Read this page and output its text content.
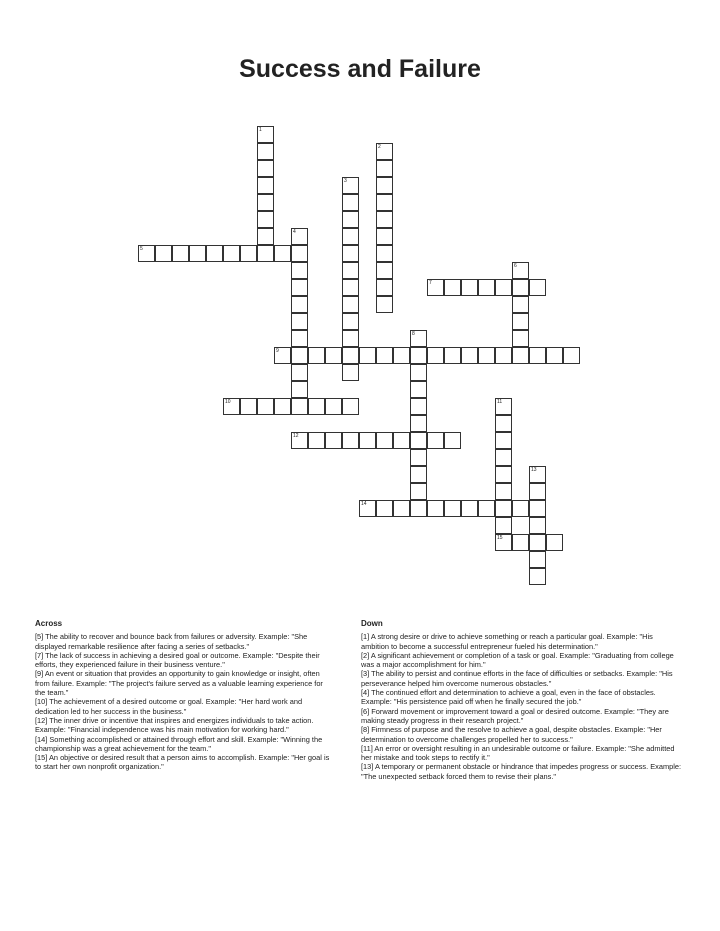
Success and Failure
1
2
3
4
5
6
7
8
9
10	11
12
13
14
15
Across
[5] The ability to recover and bounce back from failures or adversity. Example: "She displayed remarkable resilience after facing a series of setbacks."
[7] The lack of success in achieving a desired goal or outcome. Example: "Despite their efforts, they experienced failure in their business venture."
[9] An event or situation that provides an opportunity to gain knowledge or insight, often from failure. Example: "The project's failure served as a valuable learning experience for the team."
[10] The achievement of a desired outcome or goal. Example: "Her hard work and dedication led to her success in the business."
[12] The inner drive or incentive that inspires and energizes individuals to take action. Example: "Financial independence was his main motivation for working hard."
[14] Something accomplished or attained through effort and skill. Example: "Winning the championship was a great achievement for the team."
[15] An objective or desired result that a person aims to accomplish. Example: "Her goal is to start her own nonprofit organization."
Down
[1] A strong desire or drive to achieve something or reach a particular goal. Example: "His ambition to become a successful entrepreneur fueled his determination."
[2] A significant achievement or completion of a task or goal. Example: "Graduating from college was a major accomplishment for him."
[3] The ability to persist and continue efforts in the face of difficulties or setbacks. Example: "His perseverance helped him overcome numerous obstacles."
[4] The continued effort and determination to achieve a goal, even in the face of obstacles. Example: "His persistence paid off when he finally secured the job."
[6] Forward movement or improvement toward a goal or desired outcome. Example: "They are making steady progress in their research project."
[8] Firmness of purpose and the resolve to achieve a goal, despite obstacles. Example: "Her determination to overcome challenges propelled her to success."
[11] An error or oversight resulting in an undesirable outcome or failure. Example: "She admitted her mistake and took steps to rectify it."
[13] A temporary or permanent obstacle or hindrance that impedes progress or success. Example: "The unexpected setback forced them to revise their plans."
